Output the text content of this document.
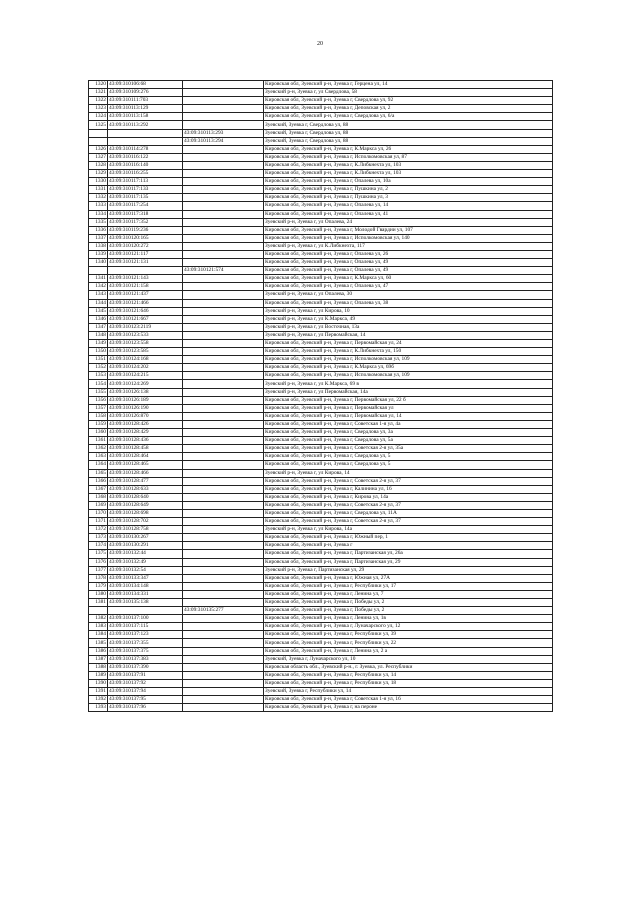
20
1320	43:09:310106:68		Кировская обл, Зуевский р-н, Зуевка г, Герцена ул, 14
1321	43:09:310109:276		Зуевский р-н, Зуевка г, ул Свердлова, 58
1322	43:09:310111:703		Кировская обл, Зуевский р-н, Зуевка г, Свердлова ул, 92
1323	43:09:310113:129		Кировская обл, Зуевский р-н, Зуевка г, Деповская ул, 2
1324	43:09:310113:158		Кировская обл, Зуевский р-н, Зуевка г, Свердлова ул, 6/а
1325	43:09:310113:292		Зуевский, Зуевка г, Свердлова ул, 88
		43:09:310113:293	Зуевский, Зуевка г, Свердлова ул, 88
		43:09:310113:294	Зуевский, Зуевка г, Свердлова ул, 88
1326	43:09:310114:278		Кировская обл, Зуевский р-н, Зуевка г, К.Маркса ул, 26
1327	43:09:310116:122		Кировская обл, Зуевский р-н, Зуевка г, Исполкомовская ул, 87
1328	43:09:310116:140		Кировская обл, Зуевский р-н, Зуевка г, К.Либкнехта ул, 103
1329	43:09:310116:255		Кировская обл, Зуевский р-н, Зуевка г, К.Либкнехта ул, 103
1330	43:09:310117:113		Кировская обл, Зуевский р-н, Зуевка г, Опалева ул, 10а
1331	43:09:310117:133		Кировская обл, Зуевский р-н, Зуевка г, Пушкина ул, 2
1332	43:09:310117:135		Кировская обл, Зуевский р-н, Зуевка г, Пушкина ул, 3
1333	43:09:310117:254		Кировская обл, Зуевский р-н, Зуевка г, Опалева ул, 14
1334	43:09:310117:318		Кировская обл, Зуевский р-н, Зуевка г, Опалева ул, 41
1335	43:09:310117:352		Зуевский р-н, Зуевка г, ул Опалева, 24
1336	43:09:310119:236		Кировская обл, Зуевский р-н, Зуевка г, Молодой Гвардии ул, 107
1337	43:09:310120:165		Кировская обл, Зуевский р-н, Зуевка г, Исполкомовская ул, 140
1338	43:09:310120:272		Зуевский р-н, Зуевка г, ул К.Либкнехта, 117
1339	43:09:310121:117		Кировская обл, Зуевский р-н, Зуевка г, Опалева ул, 26
1340	43:09:310121:131		Кировская обл, Зуевский р-н, Зуевка г, Опалева ул, 49
		43:09:310121:574	Кировская обл, Зуевский р-н, Зуевка г, Опалева ул, 49
1341	43:09:310121:143		Кировская обл, Зуевский р-н, Зуевка г, К.Маркса ул, 60
1342	43:09:310121:158		Кировская обл, Зуевский р-н, Зуевка г, Опалева ул, 47
1343	43:09:310121:437		Зуевский р-н, Зуевка г, ул Опалева, 30
1344	43:09:310121:466		Кировская обл, Зуевский р-н, Зуевка г, Опалева ул, 38
1345	43:09:310121:646		Зуевский р-н, Зуевка г, ул Кирова, 10
1346	43:09:310121:667		Зуевский р-н, Зуевка г, ул К.Маркса, 49
1347	43:09:310123:2119		Зуевский р-н, Зуевка г, ул Восточная, 13а
1348	43:09:310123:533		Зуевский р-н, Зуевка г, ул Первомайская, 14
1349	43:09:310123:558		Кировская обл, Зуевский р-н, Зуевка г, Первомайская ул, 24
1350	43:09:310123:585		Кировская обл, Зуевский р-н, Зуевка г, К.Либкнехта ул, 150
1351	43:09:310124:168		Кировская обл, Зуевский р-н, Зуевка г, Исполкомовская ул, 109
1352	43:09:310124:202		Кировская обл, Зуевский р-н, Зуевка г, К.Маркса ул, 69б
1353	43:09:310124:215		Кировская обл, Зуевский р-н, Зуевка г, Исполкомовская ул, 109
1354	43:09:310124:269		Зуевский р-н, Зуевка г, ул К.Маркса, 69 в
1355	43:09:310126:138		Зуевский р-н, Зуевка г, ул Первомайская, 14а
1356	43:09:310126:189		Кировская обл, Зуевский р-н, Зуевка г, Первомайская ул, 22 б
1357	43:09:310126:190		Кировская обл, Зуевский р-н, Зуевка г, Первомайская ул
1358	43:09:310126:870		Кировская обл, Зуевский р-н, Зуевка г, Первомайская ул, 14
1359	43:09:310128:426		Кировская обл, Зуевский р-н, Зуевка г, Советская 1-я ул, 4а
1360	43:09:310128:429		Кировская обл, Зуевский р-н, Зуевка г, Свердлова ул, 3а
1361	43:09:310128:436		Кировская обл, Зуевский р-н, Зуевка г, Свердлова ул, 5а
1362	43:09:310128:458		Кировская обл, Зуевский р-н, Зуевка г, Советская 2-я ул, 35а
1363	43:09:310128:464		Кировская обл, Зуевский р-н, Зуевка г, Свердлова ул, 5
1364	43:09:310128:465		Кировская обл, Зуевский р-н, Зуевка г, Свердлова ул, 5
1365	43:09:310128:466		Зуевский р-н, Зуевка г, ул Кирова, 14
1366	43:09:310128:477		Кировская обл, Зуевский р-н, Зуевка г, Советская 2-я ул, 37
1367	43:09:310128:633		Кировская обл, Зуевский р-н, Зуевка г, Калинина ул, 16
1368	43:09:310128:640		Кировская обл, Зуевский р-н, Зуевка г, Кирова ул, 14а
1369	43:09:310128:649		Кировская обл, Зуевский р-н, Зуевка г, Советская 2-я ул, 37
1370	43:09:310128:698		Кировская обл, Зуевский р-н, Зуевка г, Свердлова ул, 11А
1371	43:09:310128:702		Кировская обл, Зуевский р-н, Зуевка г, Советская 2-я ул, 37
1372	43:09:310128:758		Зуевский р-н, Зуевка г, ул Кирова, 14а
1373	43:09:310130:267		Кировская обл, Зуевский р-н, Зуевка г, Южный пер, 1
1374	43:09:310130:291		Кировская обл, Зуевский р-н, Зуевка г
1375	43:09:310132:44		Кировская обл, Зуевский р-н, Зуевка г, Партизанская ул, 26а
1376	43:09:310132:49		Кировская обл, Зуевский р-н, Зуевка г, Партизанская ул, 29
1377	43:09:310132:54		Зуевский р-н, Зуевка г, Партизанская ул, 29
1378	43:09:310133:347		Кировская обл, Зуевский р-н, Зуевка г, Южная ул, 27А
1379	43:09:310134:148		Кировская обл, Зуевский р-н, Зуевка г, Республики ул, 17
1380	43:09:310134:331		Кировская обл, Зуевский р-н, Зуевка г, Ленина ул, 7
1381	43:09:310135:138		Кировская обл, Зуевский р-н, Зуевка г, Победы ул, 2
		43:09:310135:277	Кировская обл, Зуевский р-н, Зуевка г, Победы ул, 2
1382	43:09:310137:100		Кировская обл, Зуевский р-н, Зуевка г, Ленина ул, 1в
1383	43:09:310137:115		Кировская обл, Зуевский р-н, Зуевка г, Луначарского ул, 12
1384	43:09:310137:123		Кировская обл, Зуевский р-н, Зуевка г, Республики ул, 39
1385	43:09:310137:355		Кировская обл, Зуевский р-н, Зуевка г, Республики ул, 22
1386	43:09:310137:375		Кировская обл, Зуевский р-н, Зуевка г, Ленина ул, 2 а
1387	43:09:310137:383		Зуевский, Зуевка г, Луначарского ул, 10
1388	43:09:310137:390		Кировская область обл., Зуевский р-н., г. Зуевка, ул. Республики
1389	43:09:310137:91		Кировская обл, Зуевский р-н, Зуевка г, Республики ул, 14
1390	43:09:310137:92		Кировская обл, Зуевский р-н, Зуевка г, Республики ул, 18
1391	43:09:310137:94		Зуевский, Зуевка г, Республики ул, 14
1392	43:09:310137:95		Кировская обл, Зуевский р-н, Зуевка г, Советская 1-я ул, 16
1393	43:09:310137:96		Кировская обл, Зуевский р-н, Зуевка г, на пероне
